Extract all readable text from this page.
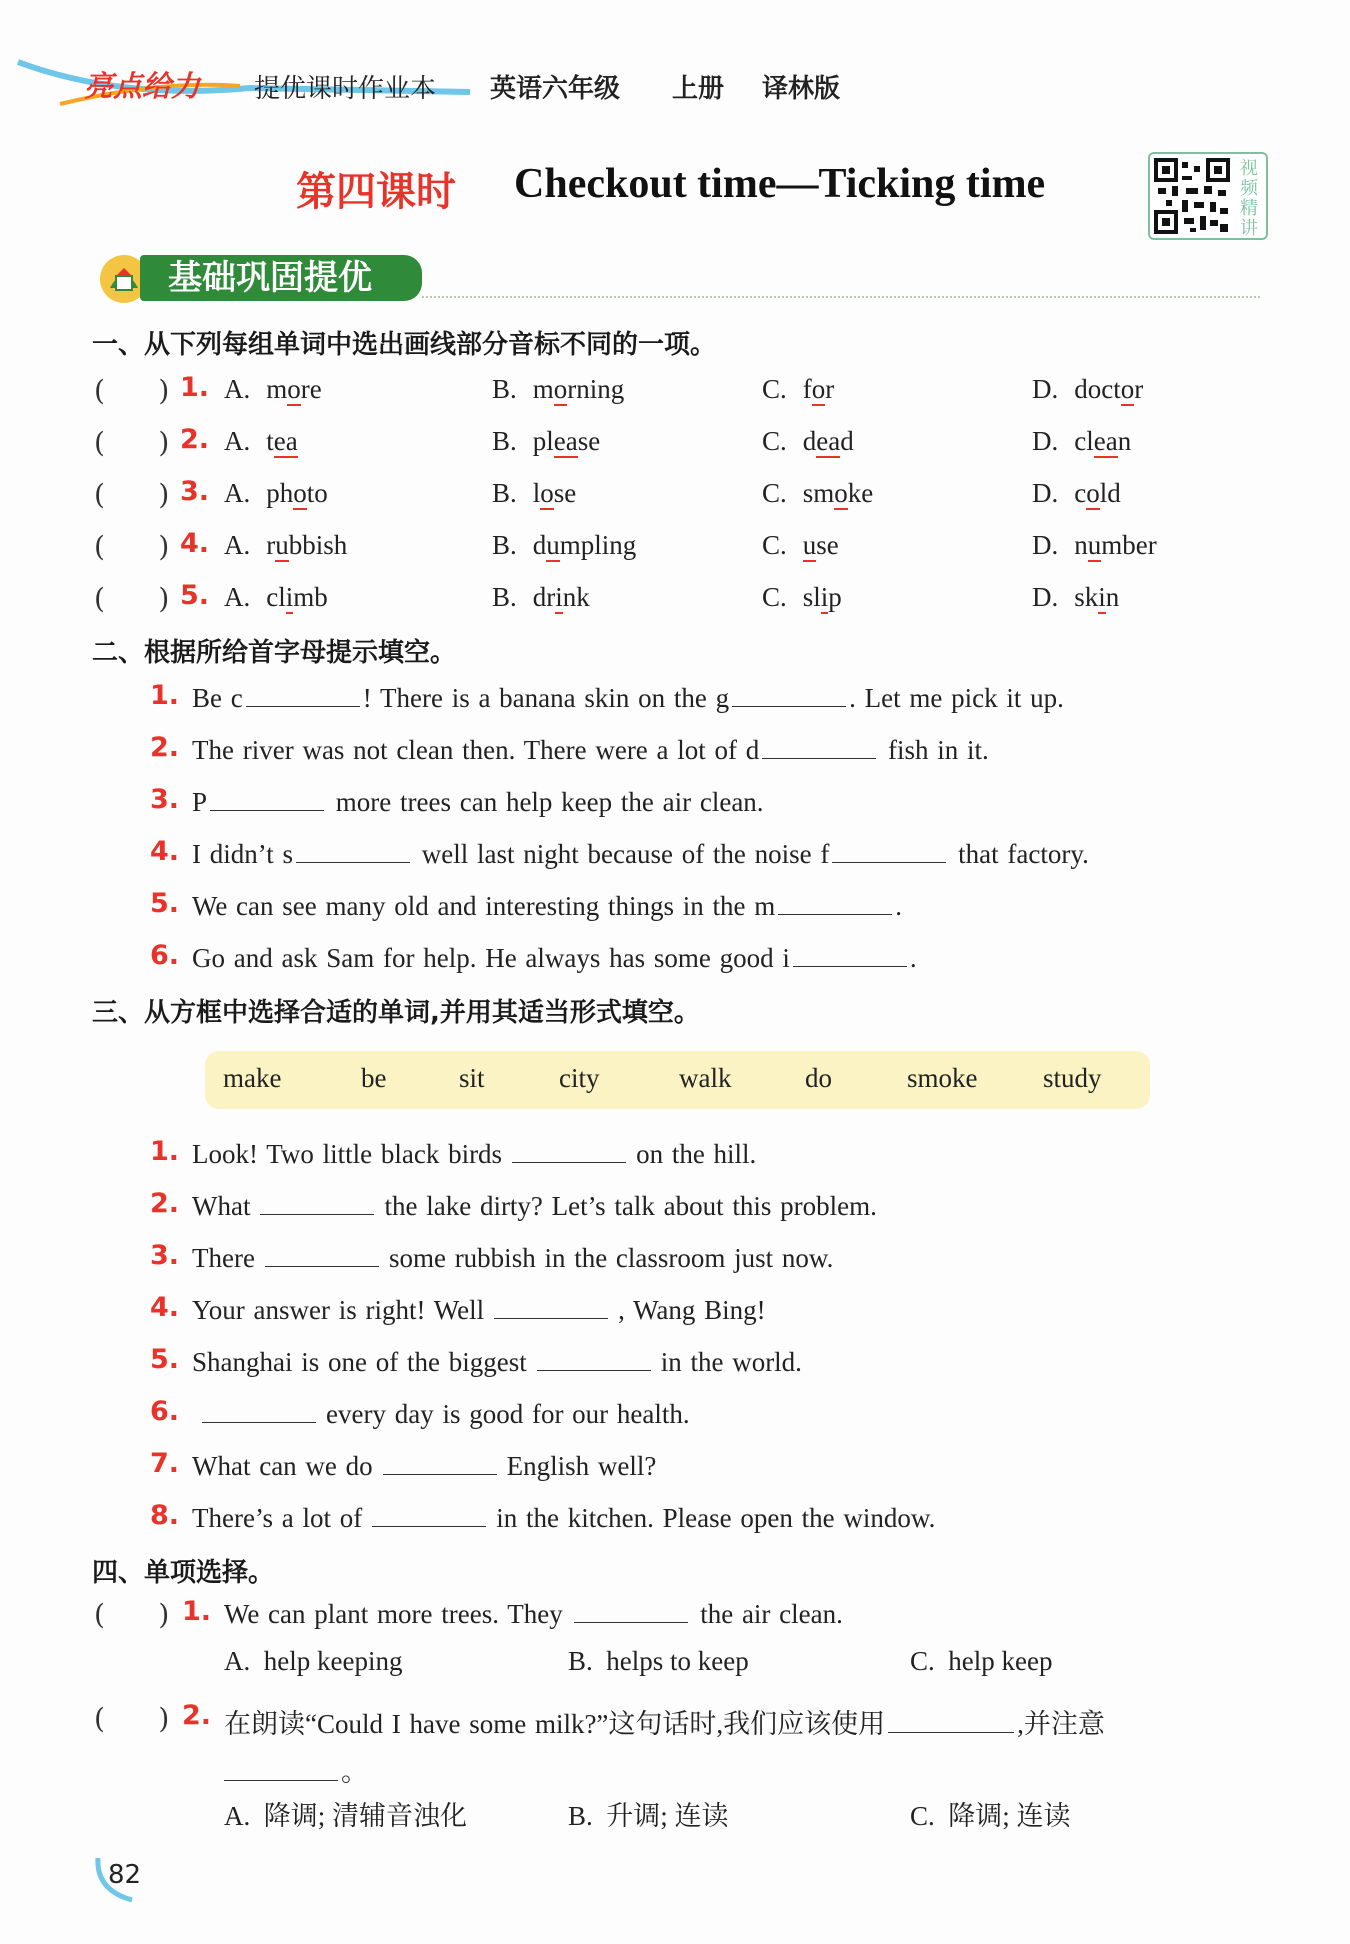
亮点给力 提优课时作业本 英语六年级 上册 译林版
第四课时 Checkout time—Ticking time	视
频
精
讲
基础巩固提优
一、从下列每组单词中选出画线部分音标不同的一项。
(      ) 1. A. more	B. morning	C. for	D. doctor
(      ) 2. A. tea	B. please	C. dead	D. clean
(      ) 3. A. photo	B. lose	C. smoke	D. cold
(      ) 4. A. rubbish	B. dumpling	C. use	D. number
(      ) 5. A. climb	B. drink	C. slip	D. skin
二、根据所给首字母提示填空。
1. Be c	! There is a banana skin on the g	. Let me pick it up.
2. The river was not clean then. There were a lot of d	fish in it.
3. P	more trees can help keep the air clean.
4. I didn’t s	well last night because of the noise f	that factory.
5. We can see many old and interesting things in the m	.
6. Go and ask Sam for help. He always has some good i	.
三、从方框中选择合适的单词,并用其适当形式填空。
make	be	sit	city	walk	do	smoke study
1. Look! Two little black birds	on the hill.
2. What	the lake dirty? Let’s talk about this problem.
3. There	some rubbish in the classroom just now.
4. Your answer is right! Well	, Wang Bing!
5. Shanghai is one of the biggest	in the world.
6.	every day is good for our health.
7. What can we do	English well?
8. There’s a lot of	in the kitchen. Please open the window.
四、单项选择。
(      ) 1. We can plant more trees. They	the air clean.
A.  help keeping	B.  helps to keep	C.  help keep
(      ) 2. 在朗读“Could I have some milk?”这句话时,我们应该使用	,并注意
。
A.  降调; 清辅音浊化	B.  升调; 连读	C.  降调; 连读
82
